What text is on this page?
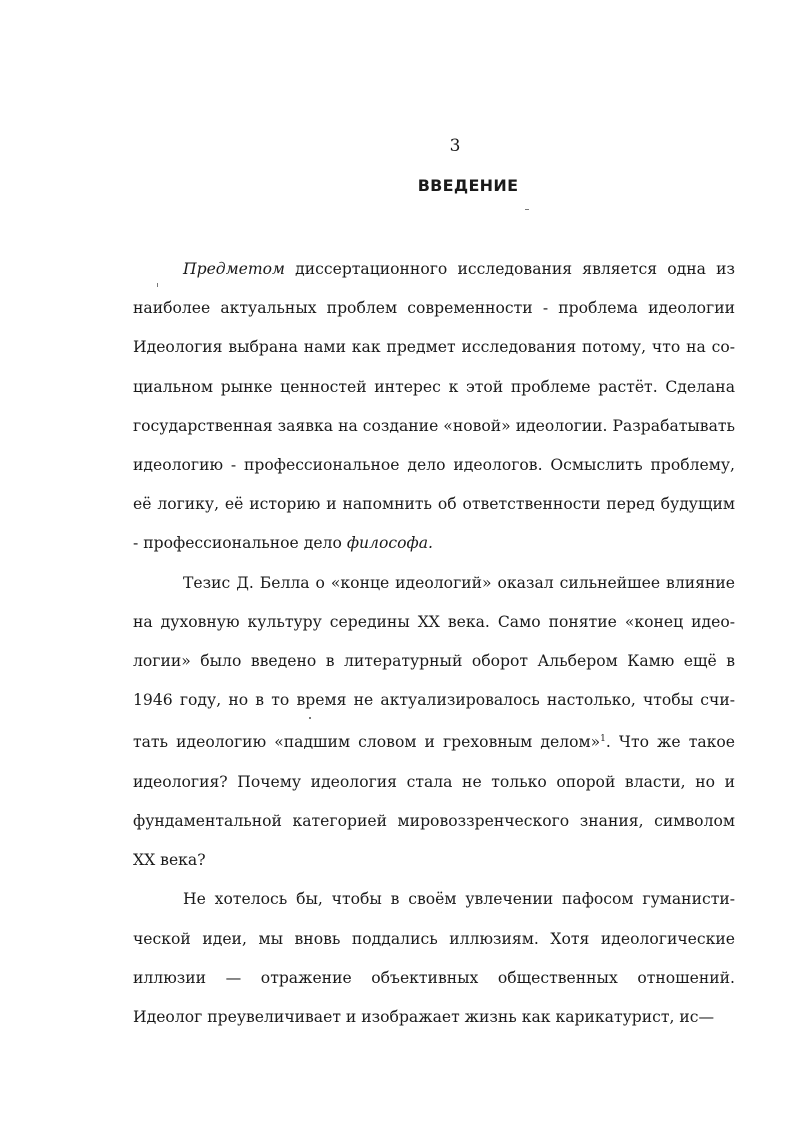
3
ВВЕДЕНИЕ
Предметом диссертационного исследования является одна из
наиболее актуальных проблем современности - проблема идеологии
Идеология выбрана нами как предмет исследования потому, что на со-
циальном рынке ценностей интерес к этой проблеме растёт. Сделана
государственная заявка на создание «новой» идеологии. Разрабатывать
идеологию - профессиональное дело идеологов. Осмыслить проблему,
её логику, её историю и напомнить об ответственности перед будущим
- профессиональное дело философа.
Тезис Д. Белла о «конце идеологий» оказал сильнейшее влияние
на духовную культуру середины XX века. Само понятие «конец идео-
логии» было введено в литературный оборот Альбером Камю ещё в
1946 году, но в то время не актуализировалось настолько, чтобы счи-
тать идеологию «падшим словом и греховным делом»$^1$. Что же такое
идеология? Почему идеология стала не только опорой власти, но и
фундаментальной категорией мировоззренческого знания, символом
XX века?
Не хотелось бы, чтобы в своём увлечении пафосом гуманисти-
ческой идеи, мы вновь поддались иллюзиям. Хотя идеологические
иллюзии — отражение объективных общественных отношений.
Идеолог преувеличивает и изображает жизнь как карикатурист, ис—
